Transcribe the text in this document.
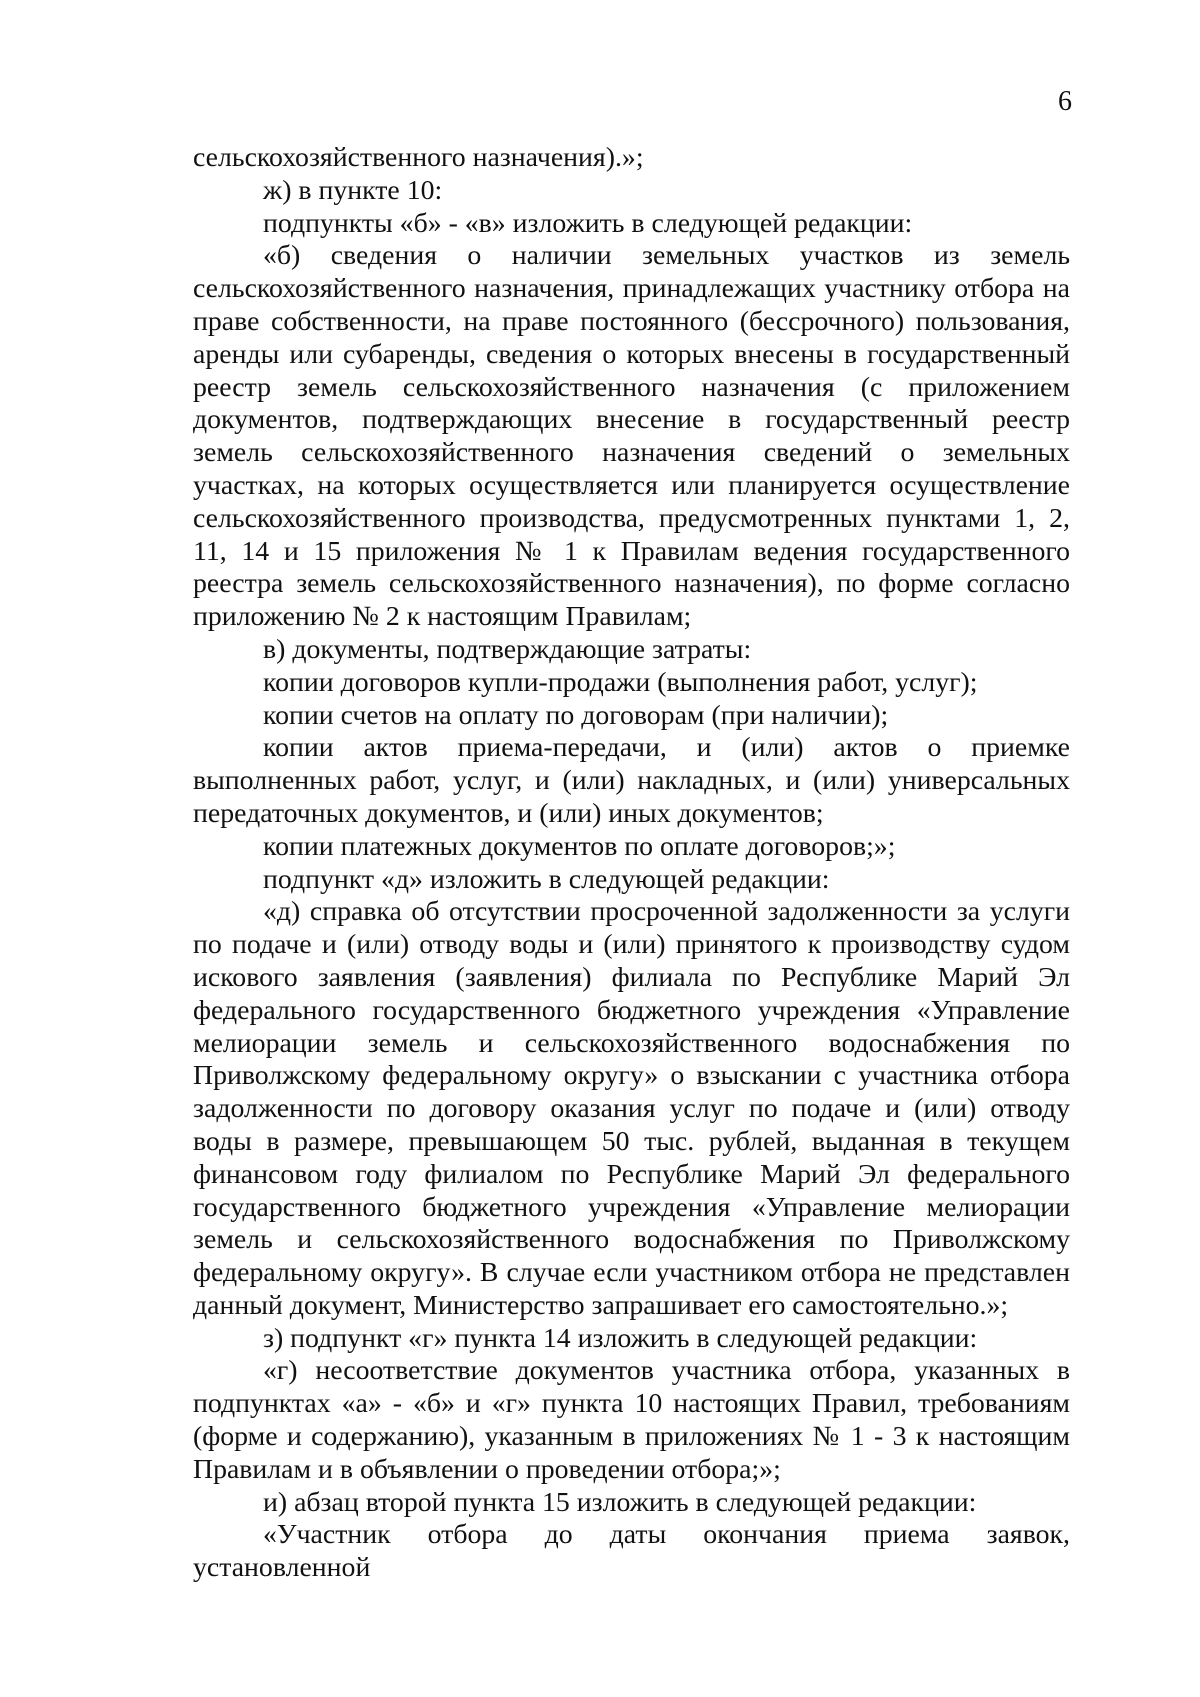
6

сельскохозяйственного назначения).»;

ж) в пункте 10:

подпункты «б» - «в» изложить в следующей редакции:

«б) сведения о наличии земельных участков из земель сельскохозяйственного назначения, принадлежащих участнику отбора на праве собственности, на праве постоянного (бессрочного) пользования, аренды или субаренды, сведения о которых внесены в государственный реестр земель сельскохозяйственного назначения (с приложением документов, подтверждающих внесение в государственный реестр земель сельскохозяйственного назначения сведений о земельных участках, на которых осуществляется или планируется осуществление сельскохозяйственного производства, предусмотренных пунктами 1, 2, 11, 14 и 15 приложения № 1 к Правилам ведения государственного реестра земель сельскохозяйственного назначения), по форме согласно приложению № 2 к настоящим Правилам;

в) документы, подтверждающие затраты:

копии договоров купли-продажи (выполнения работ, услуг);

копии счетов на оплату по договорам (при наличии);

копии актов приема-передачи, и (или) актов о приемке выполненных работ, услуг, и (или) накладных, и (или) универсальных передаточных документов, и (или) иных документов;

копии платежных документов по оплате договоров;»;

подпункт «д» изложить в следующей редакции:

«д) справка об отсутствии просроченной задолженности за услуги по подаче и (или) отводу воды и (или) принятого к производству судом искового заявления (заявления) филиала по Республике Марий Эл федерального государственного бюджетного учреждения «Управление мелиорации земель и сельскохозяйственного водоснабжения по Приволжскому федеральному округу» о взыскании с участника отбора задолженности по договору оказания услуг по подаче и (или) отводу воды в размере, превышающем 50 тыс. рублей, выданная в текущем финансовом году филиалом по Республике Марий Эл федерального государственного бюджетного учреждения «Управление мелиорации земель и сельскохозяйственного водоснабжения по Приволжскому федеральному округу». В случае если участником отбора не представлен данный документ, Министерство запрашивает его самостоятельно.»;

з) подпункт «г» пункта 14 изложить в следующей редакции:

«г) несоответствие документов участника отбора, указанных в подпунктах «а» - «б» и «г» пункта 10 настоящих Правил, требованиям (форме и содержанию), указанным в приложениях № 1 - 3 к настоящим Правилам и в объявлении о проведении отбора;»;

и) абзац второй пункта 15 изложить в следующей редакции:

«Участник отбора до даты окончания приема заявок, установленной
